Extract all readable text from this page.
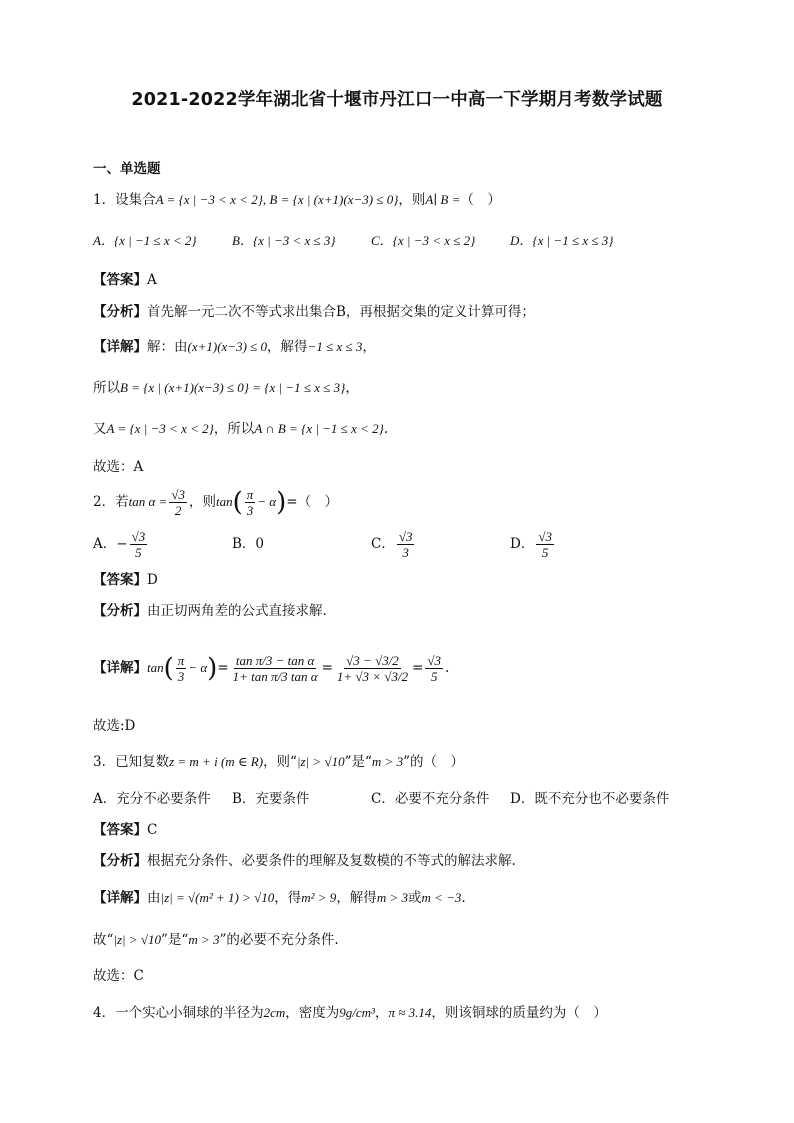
2021-2022学年湖北省十堰市丹江口一中高一下学期月考数学试题
一、单选题
1．设集合A = {x | −3 < x < 2}, B = {x | (x+1)(x−3) ≤ 0}，则A∣ B =（　）
A．{x | −1 ≤ x < 2}	B．{x | −3 < x ≤ 3}	C．{x | −3 < x ≤ 2}	D．{x | −1 ≤ x ≤ 3}
【答案】A
【分析】首先解一元二次不等式求出集合B，再根据交集的定义计算可得；
【详解】解：由(x+1)(x−3) ≤ 0，解得−1 ≤ x ≤ 3，
所以B = {x | (x+1)(x−3) ≤ 0} = {x | −1 ≤ x ≤ 3}，
又A = {x | −3 < x < 2}，所以A ∩ B = {x | −1 ≤ x < 2}.
故选：A
2．若$\tan \alpha = \frac{√3}{2}$ ，则$\tan( \frac{\pi}{3} - \alpha)=$（　）
A．− $\frac{√3}{5}$	B．0	C． $\frac{√3}{3}$	D． $\frac{√3}{5}$
【答案】D
【分析】由正切两角差的公式直接求解.
【详解】$\tan( \frac{\pi}{3} - \alpha)= \frac{\text{tan π/3 − tan α}}{\text{1+ tan π/3 tan α}} = \frac{√3 - √3/2}{1+ √3 \times √3/2} = \frac{√3}{5}$ .
故选:D
3．已知复数z = m + i (m ∈ R)，则“|z| > √10”是“m > 3”的（　）
A．充分不必要条件 B．充要条件	C．必要不充分条件 D．既不充分也不必要条件
【答案】C
【分析】根据充分条件、必要条件的理解及复数模的不等式的解法求解.
【详解】由|z| = √(m² + 1) > √10，得m² > 9，解得m > 3或m < −3.
故“|z| > √10”是“m > 3”的必要不充分条件.
故选：C
4．一个实心小铜球的半径为2cm，密度为9g/cm³，π ≈ 3.14，则该铜球的质量约为（　）
